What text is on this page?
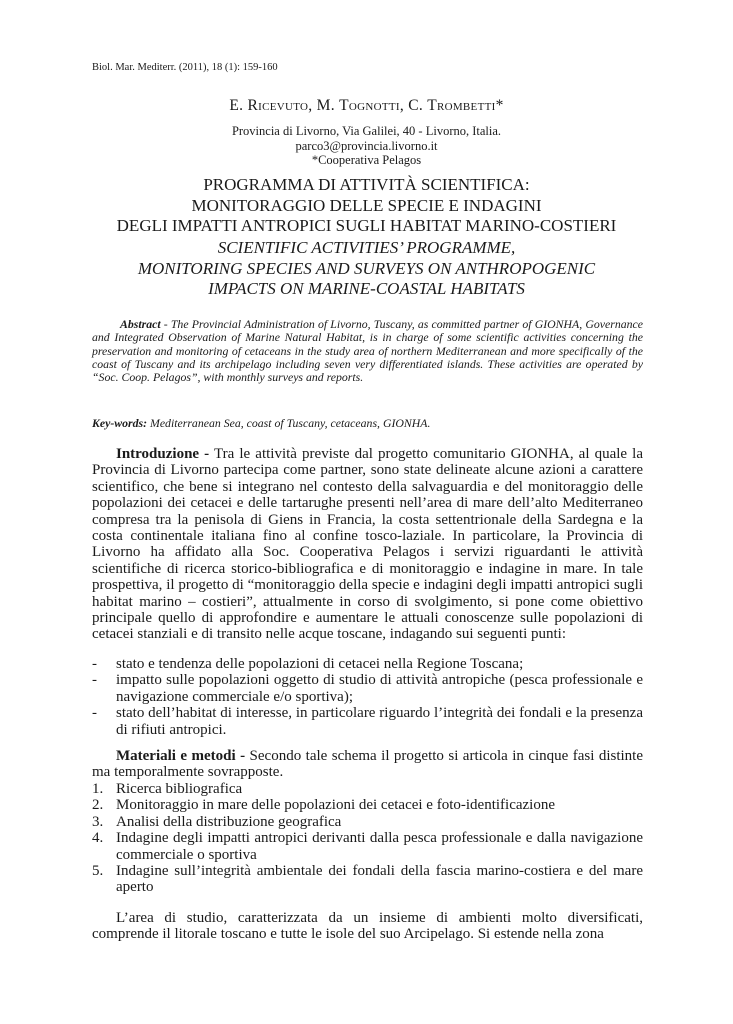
Biol. Mar. Mediterr. (2011), 18 (1): 159-160
E. Ricevuto, M. Tognotti, C. Trombetti*
Provincia di Livorno, Via Galilei, 40 - Livorno, Italia.
parco3@provincia.livorno.it
*Cooperativa Pelagos
PROGRAMMA DI ATTIVITÀ SCIENTIFICA:
MONITORAGGIO DELLE SPECIE E INDAGINI
DEGLI IMPATTI ANTROPICI SUGLI HABITAT MARINO-COSTIERI
SCIENTIFIC ACTIVITIES’ PROGRAMME,
MONITORING SPECIES AND SURVEYS ON ANTHROPOGENIC
IMPACTS ON MARINE-COASTAL HABITATS
Abstract - The Provincial Administration of Livorno, Tuscany, as committed partner of GIONHA, Governance and Integrated Observation of Marine Natural Habitat, is in charge of some scientific activities concerning the preservation and monitoring of cetaceans in the study area of northern Mediterranean and more specifically of the coast of Tuscany and its archipelago including seven very differentiated islands. These activities are operated by “Soc. Coop. Pelagos”, with monthly surveys and reports.
Key-words: Mediterranean Sea, coast of Tuscany, cetaceans, GIONHA.
Introduzione - Tra le attività previste dal progetto comunitario GIONHA, al quale la Provincia di Livorno partecipa come partner, sono state delineate alcune azioni a carattere scientifico, che bene si integrano nel contesto della salvaguardia e del monitoraggio delle popolazioni dei cetacei e delle tartarughe presenti nell’area di mare dell’alto Mediterraneo compresa tra la penisola di Giens in Francia, la costa settentrionale della Sardegna e la costa continentale italiana fino al confine tosco-laziale. In particolare, la Provincia di Livorno ha affidato alla Soc. Cooperativa Pelagos i servizi riguardanti le attività scientifiche di ricerca storico-bibliografica e di monitoraggio e indagine in mare. In tale prospettiva, il progetto di “monitoraggio della specie e indagini degli impatti antropici sugli habitat marino – costieri”, attualmente in corso di svolgimento, si pone come obiettivo principale quello di approfondire e aumentare le attuali conoscenze sulle popolazioni di cetacei stanziali e di transito nelle acque toscane, indagando sui seguenti punti:
- stato e tendenza delle popolazioni di cetacei nella Regione Toscana;
- impatto sulle popolazioni oggetto di studio di attività antropiche (pesca professionale e navigazione commerciale e/o sportiva);
- stato dell’habitat di interesse, in particolare riguardo l’integrità dei fondali e la presenza di rifiuti antropici.
Materiali e metodi - Secondo tale schema il progetto si articola in cinque fasi distinte ma temporalmente sovrapposte.
1. Ricerca bibliografica
2. Monitoraggio in mare delle popolazioni dei cetacei e foto-identificazione
3. Analisi della distribuzione geografica
4. Indagine degli impatti antropici derivanti dalla pesca professionale e dalla navigazione commerciale o sportiva
5. Indagine sull’integrità ambientale dei fondali della fascia marino-costiera e del mare aperto
L’area di studio, caratterizzata da un insieme di ambienti molto diversificati, comprende il litorale toscano e tutte le isole del suo Arcipelago. Si estende nella zona
